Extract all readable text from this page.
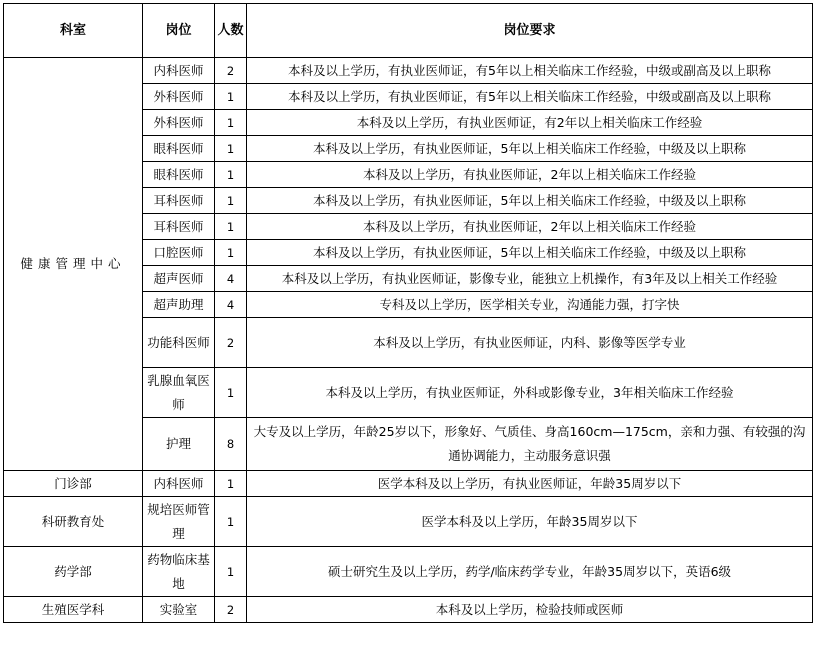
科室	岗位	人数	岗位要求
健康管理中心	内科医师	2	本科及以上学历，有执业医师证，有5年以上相关临床工作经验，中级或副高及以上职称
	外科医师	1	本科及以上学历，有执业医师证，有5年以上相关临床工作经验，中级或副高及以上职称
	外科医师	1	本科及以上学历，有执业医师证，有2年以上相关临床工作经验
	眼科医师	1	本科及以上学历，有执业医师证，5年以上相关临床工作经验，中级及以上职称
	眼科医师	1	本科及以上学历，有执业医师证，2年以上相关临床工作经验
	耳科医师	1	本科及以上学历，有执业医师证，5年以上相关临床工作经验，中级及以上职称
	耳科医师	1	本科及以上学历，有执业医师证，2年以上相关临床工作经验
	口腔医师	1	本科及以上学历，有执业医师证，5年以上相关临床工作经验，中级及以上职称
	超声医师	4	本科及以上学历，有执业医师证，影像专业，能独立上机操作，有3年及以上相关工作经验
	超声助理	4	专科及以上学历，医学相关专业，沟通能力强，打字快
	功能科医师	2	本科及以上学历，有执业医师证，内科、影像等医学专业
	乳腺血氧医师	1	本科及以上学历，有执业医师证，外科或影像专业，3年相关临床工作经验
	护理	8	大专及以上学历，年龄25岁以下，形象好、气质佳、身高160cm—175cm，亲和力强、有较强的沟通协调能力，主动服务意识强
门诊部	内科医师	1	医学本科及以上学历，有执业医师证，年龄35周岁以下
科研教育处	规培医师管理	1	医学本科及以上学历，年龄35周岁以下
药学部	药物临床基地	1	硕士研究生及以上学历，药学/临床药学专业，年龄35周岁以下，英语6级
生殖医学科	实验室	2	本科及以上学历，检验技师或医师
